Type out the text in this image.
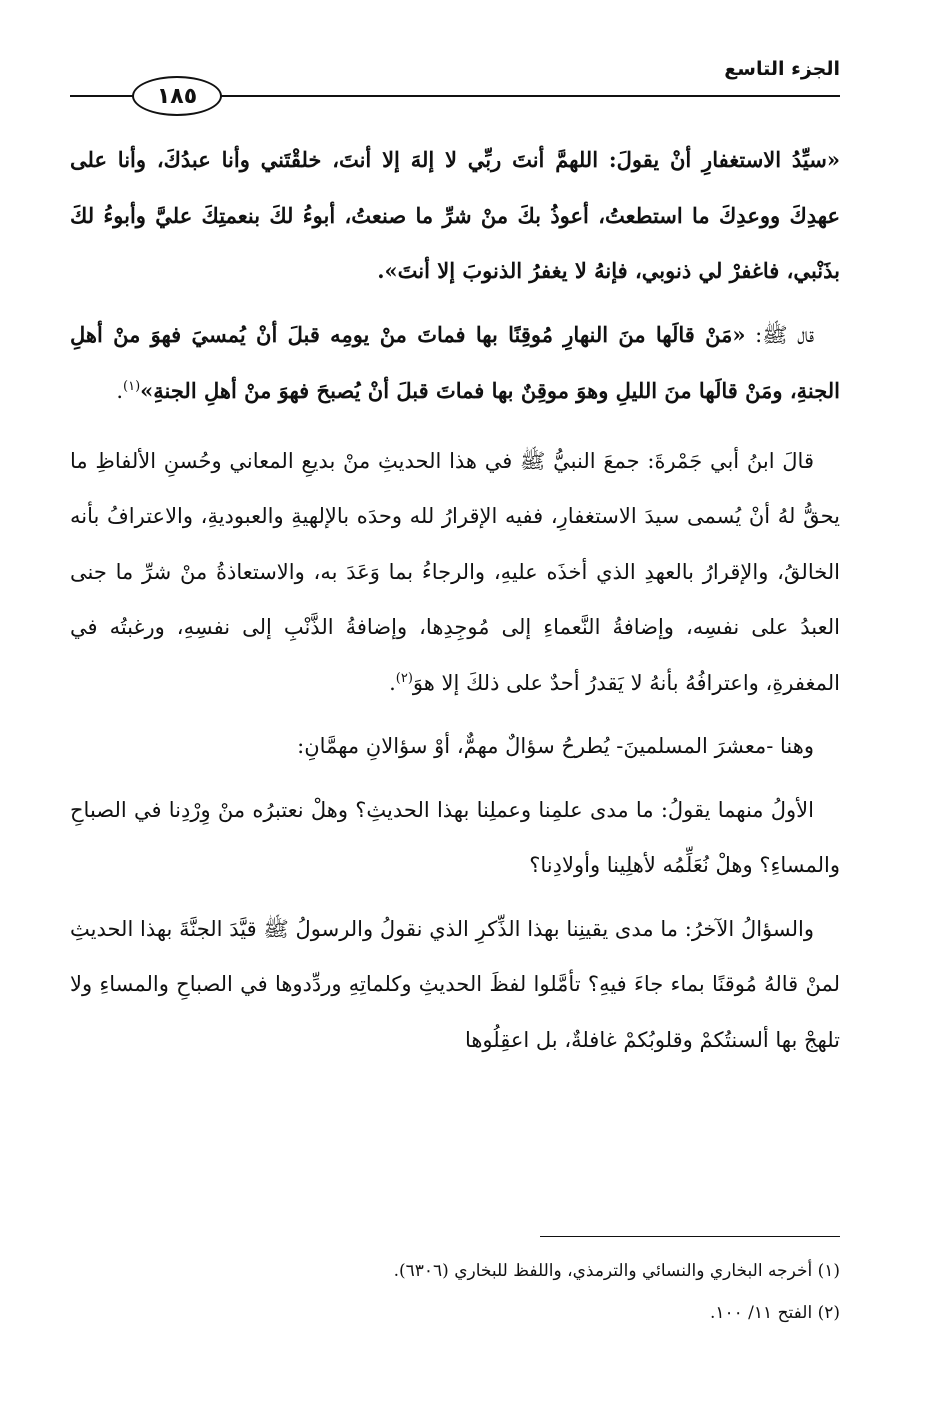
الجزء التاسع
١٨٥

«سيِّدُ الاستغفارِ أنْ يقولَ: اللهمَّ أنتَ ربِّي لا إلهَ إلا أنتَ، خلقْتَني وأنا عبدُكَ، وأنا على عهدِكَ ووعدِكَ ما استطعتُ، أعوذُ بكَ منْ شرِّ ما صنعتُ، أبوءُ لكَ بنعمتِكَ عليَّ وأبوءُ لكَ بذَنْبي، فاغفرْ لي ذنوبي، فإنهُ لا يغفرُ الذنوبَ إلا أنتَ».

قال ﷺ: «مَنْ قالَها منَ النهارِ مُوقِنًا بها فماتَ منْ يومِه قبلَ أنْ يُمسيَ فهوَ منْ أهلِ الجنةِ، ومَنْ قالَها منَ الليلِ وهوَ موقِنٌ بها فماتَ قبلَ أنْ يُصبحَ فهوَ منْ أهلِ الجنةِ»$^{(١)}$.

قالَ ابنُ أبي جَمْرةَ: جمعَ النبيُّ ﷺ في هذا الحديثِ منْ بديعِ المعاني وحُسنِ الألفاظِ ما يحقُّ لهُ أنْ يُسمى سيدَ الاستغفارِ، ففيه الإقرارُ لله وحدَه بالإلهيةِ والعبوديةِ، والاعترافُ بأنه الخالقُ، والإقرارُ بالعهدِ الذي أخذَه عليهِ، والرجاءُ بما وَعَدَ به، والاستعاذةُ منْ شرِّ ما جنى العبدُ على نفسِه، وإضافةُ النَّعماءِ إلى مُوجِدِها، وإضافةُ الذَّنْبِ إلى نفسِهِ، ورغبتُه في المغفرةِ، واعترافُهُ بأنهُ لا يَقدرُ أحدٌ على ذلكَ إلا هوَ$^{(٢)}$.

وهنا -معشرَ المسلمينَ- يُطرحُ سؤالٌ مهمٌّ، أوْ سؤالانِ مهمَّانِ:

الأولُ منهما يقولُ: ما مدى علمِنا وعملِنا بهذا الحديثِ؟ وهلْ نعتبرُه منْ وِرْدِنا في الصباحِ والمساءِ؟ وهلْ نُعَلِّمُه لأهلِينا وأولادِنا؟

والسؤالُ الآخرُ: ما مدى يقينِنا بهذا الذِّكرِ الذي نقولُ والرسولُ ﷺ قيَّدَ الجنَّةَ بهذا الحديثِ لمنْ قالهُ مُوقنًا بماء جاءَ فيهِ؟ تأمَّلوا لفظَ الحديثِ وكلماتِهِ وردِّدوها في الصباحِ والمساءِ ولا تلهجْ بها ألسنتُكمْ وقلوبُكمْ غافلةٌ، بل اعقِلُوها

(١) أخرجه البخاري والنسائي والترمذي، واللفظ للبخاري (٦٣٠٦).

(٢) الفتح ١١/ ١٠٠.
